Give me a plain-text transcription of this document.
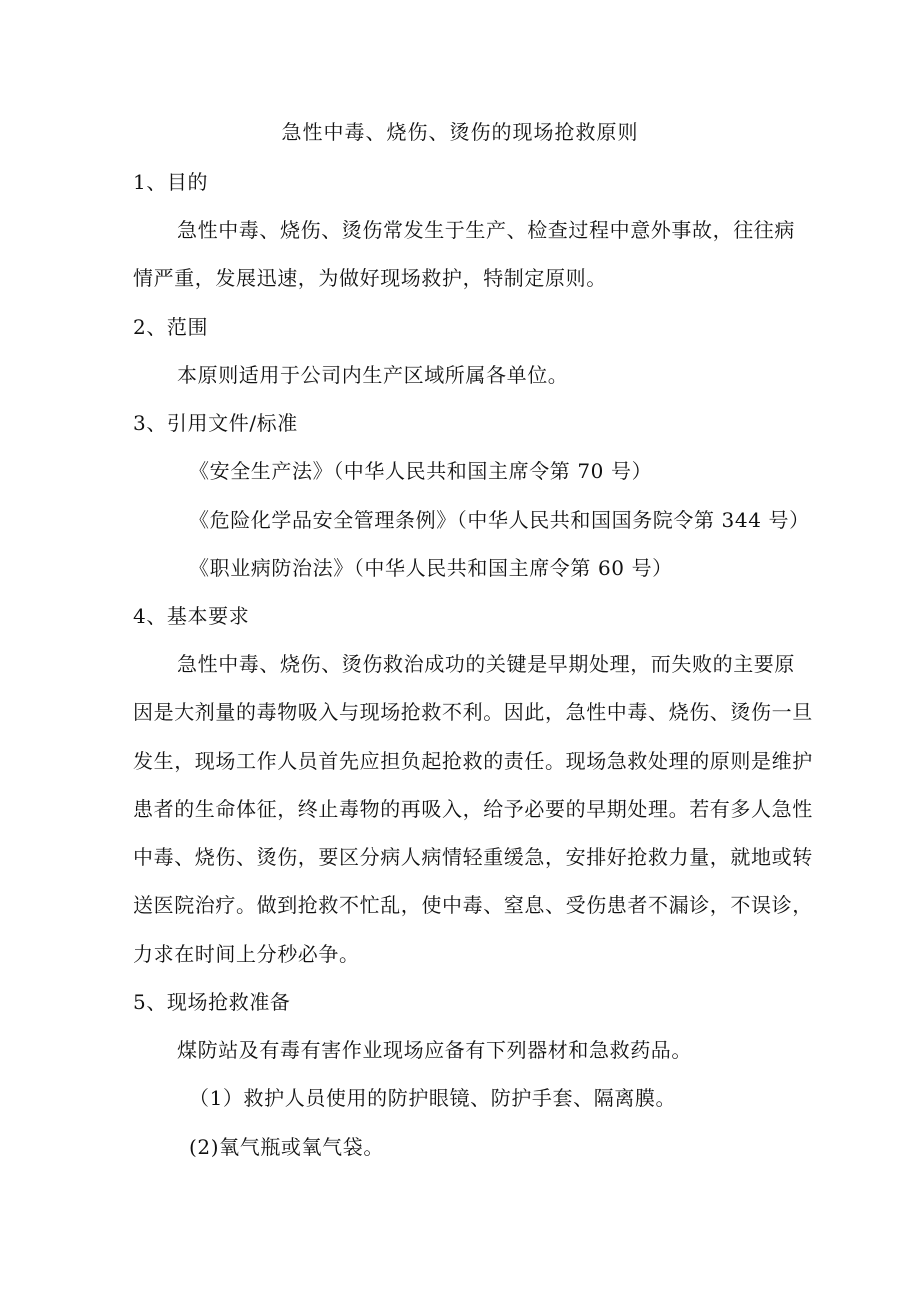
急性中毒、烧伤、烫伤的现场抢救原则

1、目的

急性中毒、烧伤、烫伤常发生于生产、检查过程中意外事故，往往病

情严重，发展迅速，为做好现场救护，特制定原则。

2、范围

本原则适用于公司内生产区域所属各单位。

3、引用文件/标准

《安全生产法》（中华人民共和国主席令第 70 号）

《危险化学品安全管理条例》（中华人民共和国国务院令第 344 号）

《职业病防治法》（中华人民共和国主席令第 60 号）

4、基本要求

急性中毒、烧伤、烫伤救治成功的关键是早期处理，而失败的主要原

因是大剂量的毒物吸入与现场抢救不利。因此，急性中毒、烧伤、烫伤一旦

发生，现场工作人员首先应担负起抢救的责任。现场急救处理的原则是维护

患者的生命体征，终止毒物的再吸入，给予必要的早期处理。若有多人急性

中毒、烧伤、烫伤，要区分病人病情轻重缓急，安排好抢救力量，就地或转

送医院治疗。做到抢救不忙乱，使中毒、窒息、受伤患者不漏诊，不误诊，

力求在时间上分秒必争。

5、现场抢救准备

煤防站及有毒有害作业现场应备有下列器材和急救药品。

（1）救护人员使用的防护眼镜、防护手套、隔离膜。

(2)氧气瓶或氧气袋。
